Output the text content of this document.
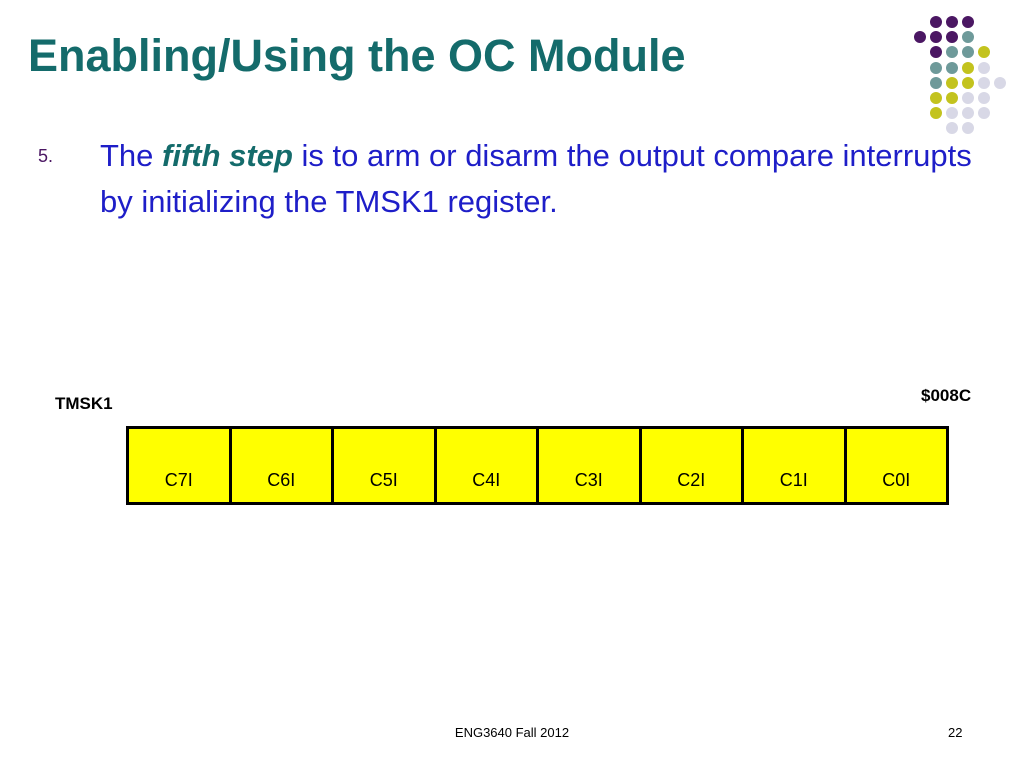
Enabling/Using the OC Module
5. The fifth step is to arm or disarm the output compare interrupts by initializing the TMSK1 register.
TMSK1	$008C
C7I	C6I	C5I	C4I	C3I	C2I	C1I	C0I
ENG3640 Fall 2012	22
